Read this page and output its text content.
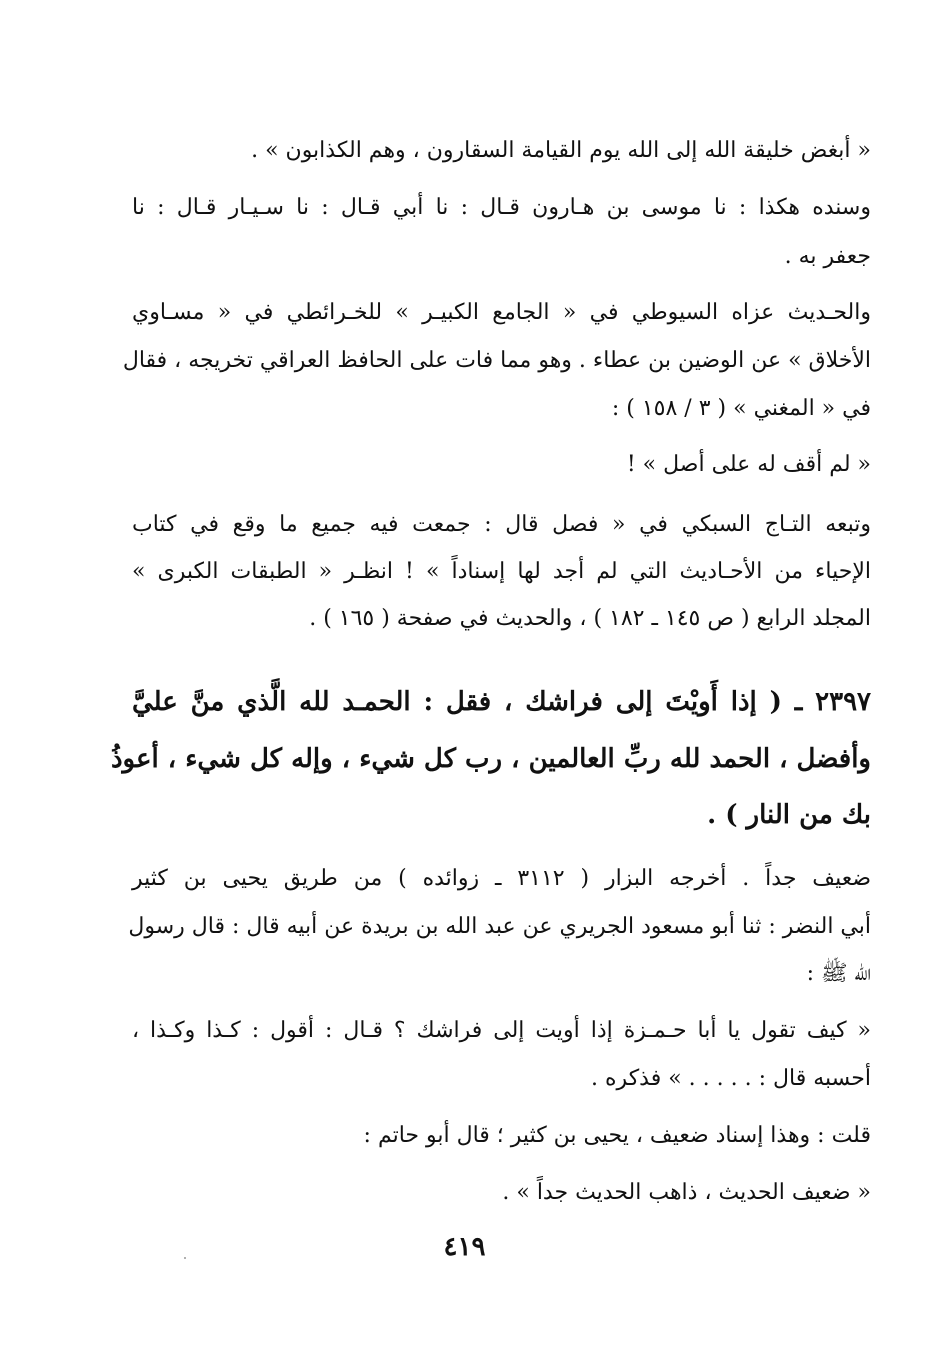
« أبغض خليقة الله إلى الله يوم القيامة السقارون ، وهم الكذابون » .
وسنده هكذا : نا موسى بن هـارون قـال : نا أبي قـال : نا سـيـار قـال : نا
جعفر به .
والحـديث عزاه السيوطي في « الجامع الكبيـر » للخـرائطي في « مسـاوي
الأخلاق » عن الوضين بن عطاء . وهو مما فات على الحافظ العراقي تخريجه ، فقال
في « المغني » ( ٣ / ١٥٨ ) :
« لم أقف له على أصل » !
وتبعه التـاج السبكي في « فصل قال : جمعت فيه جميع ما وقع في كتاب
الإحياء من الأحـاديث التي لم أجد لها إسناداً » ! انظـر « الطبقات الكبرى »
المجلد الرابع ( ص ١٤٥ ـ ١٨٢ ) ، والحديث في صفحة ( ١٦٥ ) .
٢٣٩٧ ـ ( إذا أَويْتَ إلى فراشك ، فقل : الحمـد لله الَّذي منَّ عليَّ
وأفضل ، الحمد لله ربِّ العالمين ، رب كل شيء ، وإله كل شيء ، أعوذُ
بك من النار ) .
ضعيف جداً . أخرجه البزار ( ٣١١٢ ـ زوائده ) من طريق يحيى بن كثير
أبي النضر : ثنا أبو مسعود الجريري عن عبد الله بن بريدة عن أبيه قال : قال رسول
الله ﷺ :
« كيف تقول يا أبا حـمـزة إذا أويت إلى فراشك ؟ قـال : أقول : كـذا وكـذا ،
أحسبه قال : . . . . . » فذكره .
قلت : وهذا إسناد ضعيف ، يحيى بن كثير ؛ قال أبو حاتم :
« ضعيف الحديث ، ذاهب الحديث جداً » .
٤١٩
